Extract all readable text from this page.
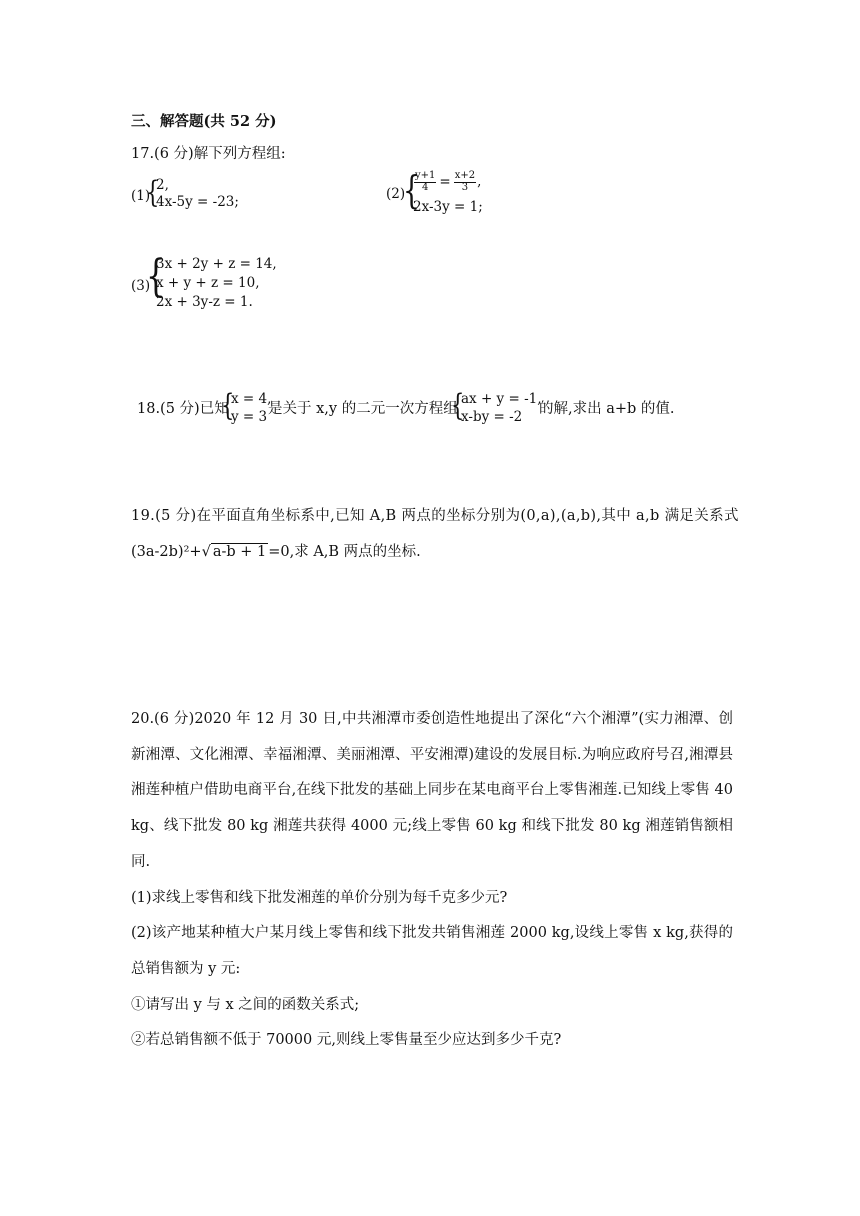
三、解答题(共 52 分)
17.(6 分)解下列方程组:
(1)
{
2,
4x-5y = -23;	(2)
{
$\frac{y+1}{4} = \frac{x+2}{3}$ ,
2x-3y = 1;
(3)
{
3x + 2y + z = 14,
x + y + z = 10,
2x + 3y-z = 1.
18.(5 分)已知
{
x = 4,
y = 3 是关于 x,y 的二元一次方程组
{
ax + y = -1,
x-by = -2 的解,求出 a+b 的值.
19.(5 分)在平面直角坐标系中,已知 A,B 两点的坐标分别为(0,a),(a,b),其中 a,b 满足关系式
(3a-2b)²+√ a-b + 1 =0,求 A,B 两点的坐标.

20.(6 分)2020 年 12 月 30 日,中共湘潭市委创造性地提出了深化“六个湘潭”(实力湘潭、创新湘潭、文化湘潭、幸福湘潭、美丽湘潭、平安湘潭)建设的发展目标.为响应政府号召,湘潭县湘莲种植户借助电商平台,在线下批发的基础上同步在某电商平台上零售湘莲.已知线上零售 40 kg、线下批发 80 kg 湘莲共获得 4000 元;线上零售 60 kg 和线下批发 80 kg 湘莲销售额相同.

(1)求线上零售和线下批发湘莲的单价分别为每千克多少元?

(2)该产地某种植大户某月线上零售和线下批发共销售湘莲 2000 kg,设线上零售 x kg,获得的总销售额为 y 元:

①请写出 y 与 x 之间的函数关系式;

②若总销售额不低于 70000 元,则线上零售量至少应达到多少千克?
